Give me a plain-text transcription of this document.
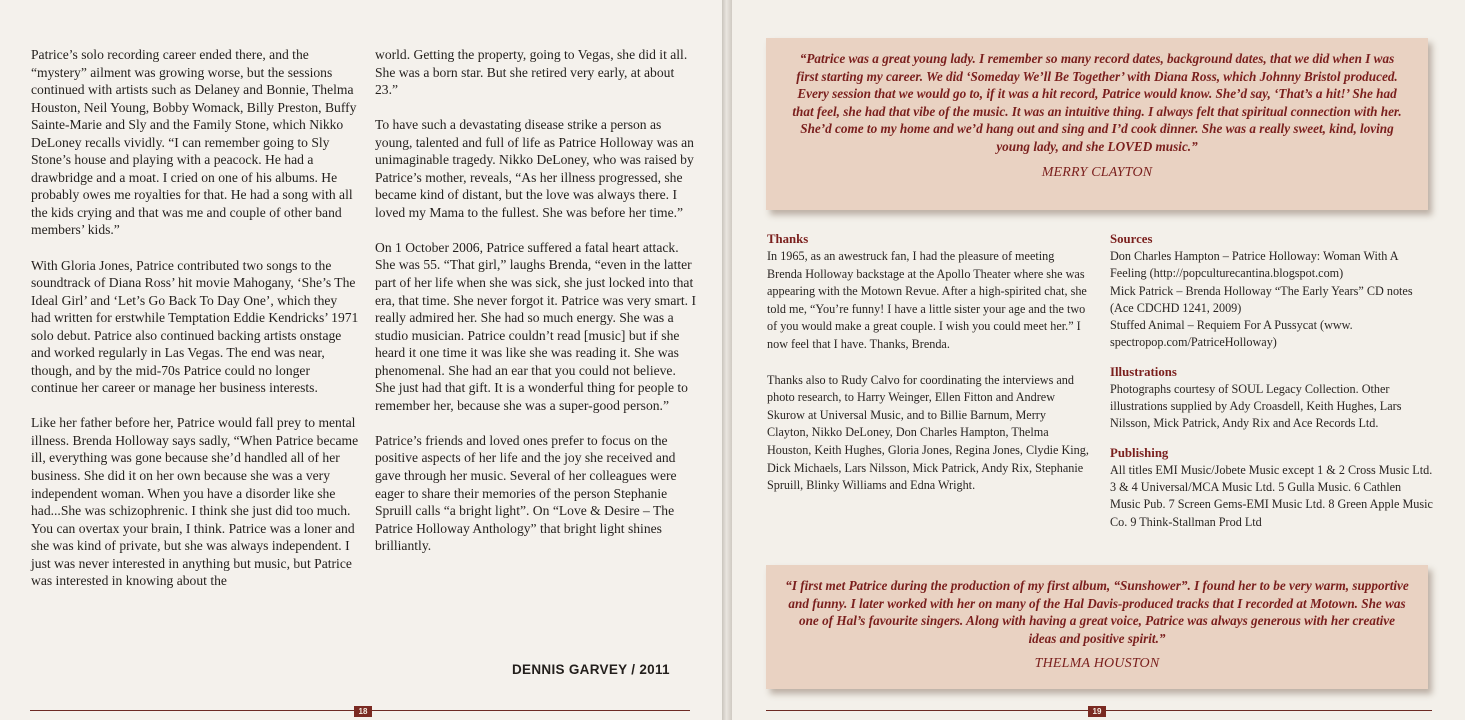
Patrice’s solo recording career ended there, and the “mystery” ailment was growing worse, but the sessions continued with artists such as Delaney and Bonnie, Thelma Houston, Neil Young, Bobby Womack, Billy Preston, Buffy Sainte-Marie and Sly and the Family Stone, which Nikko DeLoney recalls vividly. “I can remember going to Sly Stone’s house and playing with a peacock. He had a drawbridge and a moat. I cried on one of his albums. He probably owes me royalties for that. He had a song with all the kids crying and that was me and couple of other band members’ kids.”

With Gloria Jones, Patrice contributed two songs to the soundtrack of Diana Ross’ hit movie Mahogany, ‘She’s The Ideal Girl’ and ‘Let’s Go Back To Day One’, which they had written for erstwhile Temptation Eddie Kendricks’ 1971 solo debut. Patrice also continued backing artists onstage and worked regularly in Las Vegas. The end was near, though, and by the mid-70s Patrice could no longer continue her career or manage her business interests.

Like her father before her, Patrice would fall prey to mental illness. Brenda Holloway says sadly, “When Patrice became ill, everything was gone because she’d handled all of her business. She did it on her own because she was a very independent woman. When you have a disorder like she had...She was schizophrenic. I think she just did too much. You can overtax your brain, I think. Patrice was a loner and she was kind of private, but she was always independent. I just was never interested in anything but music, but Patrice was interested in knowing about the

world. Getting the property, going to Vegas, she did it all. She was a born star. But she retired very early, at about 23.”

To have such a devastating disease strike a person as young, talented and full of life as Patrice Holloway was an unimaginable tragedy. Nikko DeLoney, who was raised by Patrice’s mother, reveals, “As her illness progressed, she became kind of distant, but the love was always there. I loved my Mama to the fullest. She was before her time.”

On 1 October 2006, Patrice suffered a fatal heart attack. She was 55. “That girl,” laughs Brenda, “even in the latter part of her life when she was sick, she just locked into that era, that time. She never forgot it. Patrice was very smart. I really admired her. She had so much energy. She was a studio musician. Patrice couldn’t read [music] but if she heard it one time it was like she was reading it. She was phenomenal. She had an ear that you could not believe. She just had that gift. It is a wonderful thing for people to remember her, because she was a super-good person.”

Patrice’s friends and loved ones prefer to focus on the positive aspects of her life and the joy she received and gave through her music. Several of her colleagues were eager to share their memories of the person Stephanie Spruill calls “a bright light”. On “Love & Desire – The Patrice Holloway Anthology” that bright light shines brilliantly.

DENNIS GARVEY / 2011
18
“Patrice was a great young lady. I remember so many record dates, background dates, that we did when I was first starting my career. We did ‘Someday We’ll Be Together’ with Diana Ross, which Johnny Bristol produced. Every session that we would go to, if it was a hit record, Patrice would know. She’d say, ‘That’s a hit!’ She had that feel, she had that vibe of the music. It was an intuitive thing. I always felt that spiritual connection with her. She’d come to my home and we’d hang out and sing and I’d cook dinner. She was a really sweet, kind, loving young lady, and she LOVED music.”
MERRY CLAYTON
Thanks

In 1965, as an awestruck fan, I had the pleasure of meeting Brenda Holloway backstage at the Apollo Theater where she was appearing with the Motown Revue. After a high-spirited chat, she told me, “You’re funny! I have a little sister your age and the two of you would make a great couple. I wish you could meet her.” I now feel that I have. Thanks, Brenda.

Thanks also to Rudy Calvo for coordinating the interviews and photo research, to Harry Weinger, Ellen Fitton and Andrew Skurow at Universal Music, and to Billie Barnum, Merry Clayton, Nikko DeLoney, Don Charles Hampton, Thelma Houston, Keith Hughes, Gloria Jones, Regina Jones, Clydie King, Dick Michaels, Lars Nilsson, Mick Patrick, Andy Rix, Stephanie Spruill, Blinky Williams and Edna Wright.

Sources
Don Charles Hampton – Patrice Holloway: Woman With A Feeling (http://popculturecantina.blogspot.com)
Mick Patrick – Brenda Holloway “The Early Years” CD notes (Ace CDCHD 1241, 2009)
Stuffed Animal – Requiem For A Pussycat (www. spectropop.com/PatriceHolloway)
Illustrations
Photographs courtesy of SOUL Legacy Collection. Other illustrations supplied by Ady Croasdell, Keith Hughes, Lars Nilsson, Mick Patrick, Andy Rix and Ace Records Ltd.
Publishing
All titles EMI Music/Jobete Music except 1 & 2 Cross Music Ltd. 3 & 4 Universal/MCA Music Ltd. 5 Gulla Music. 6 Cathlen Music Pub. 7 Screen Gems-EMI Music Ltd. 8 Green Apple Music Co. 9 Think-Stallman Prod Ltd
“I first met Patrice during the production of my first album, “Sunshower”. I found her to be very warm, supportive and funny. I later worked with her on many of the Hal Davis-produced tracks that I recorded at Motown. She was one of Hal’s favourite singers. Along with having a great voice, Patrice was always generous with her creative ideas and positive spirit.”
THELMA HOUSTON
19
